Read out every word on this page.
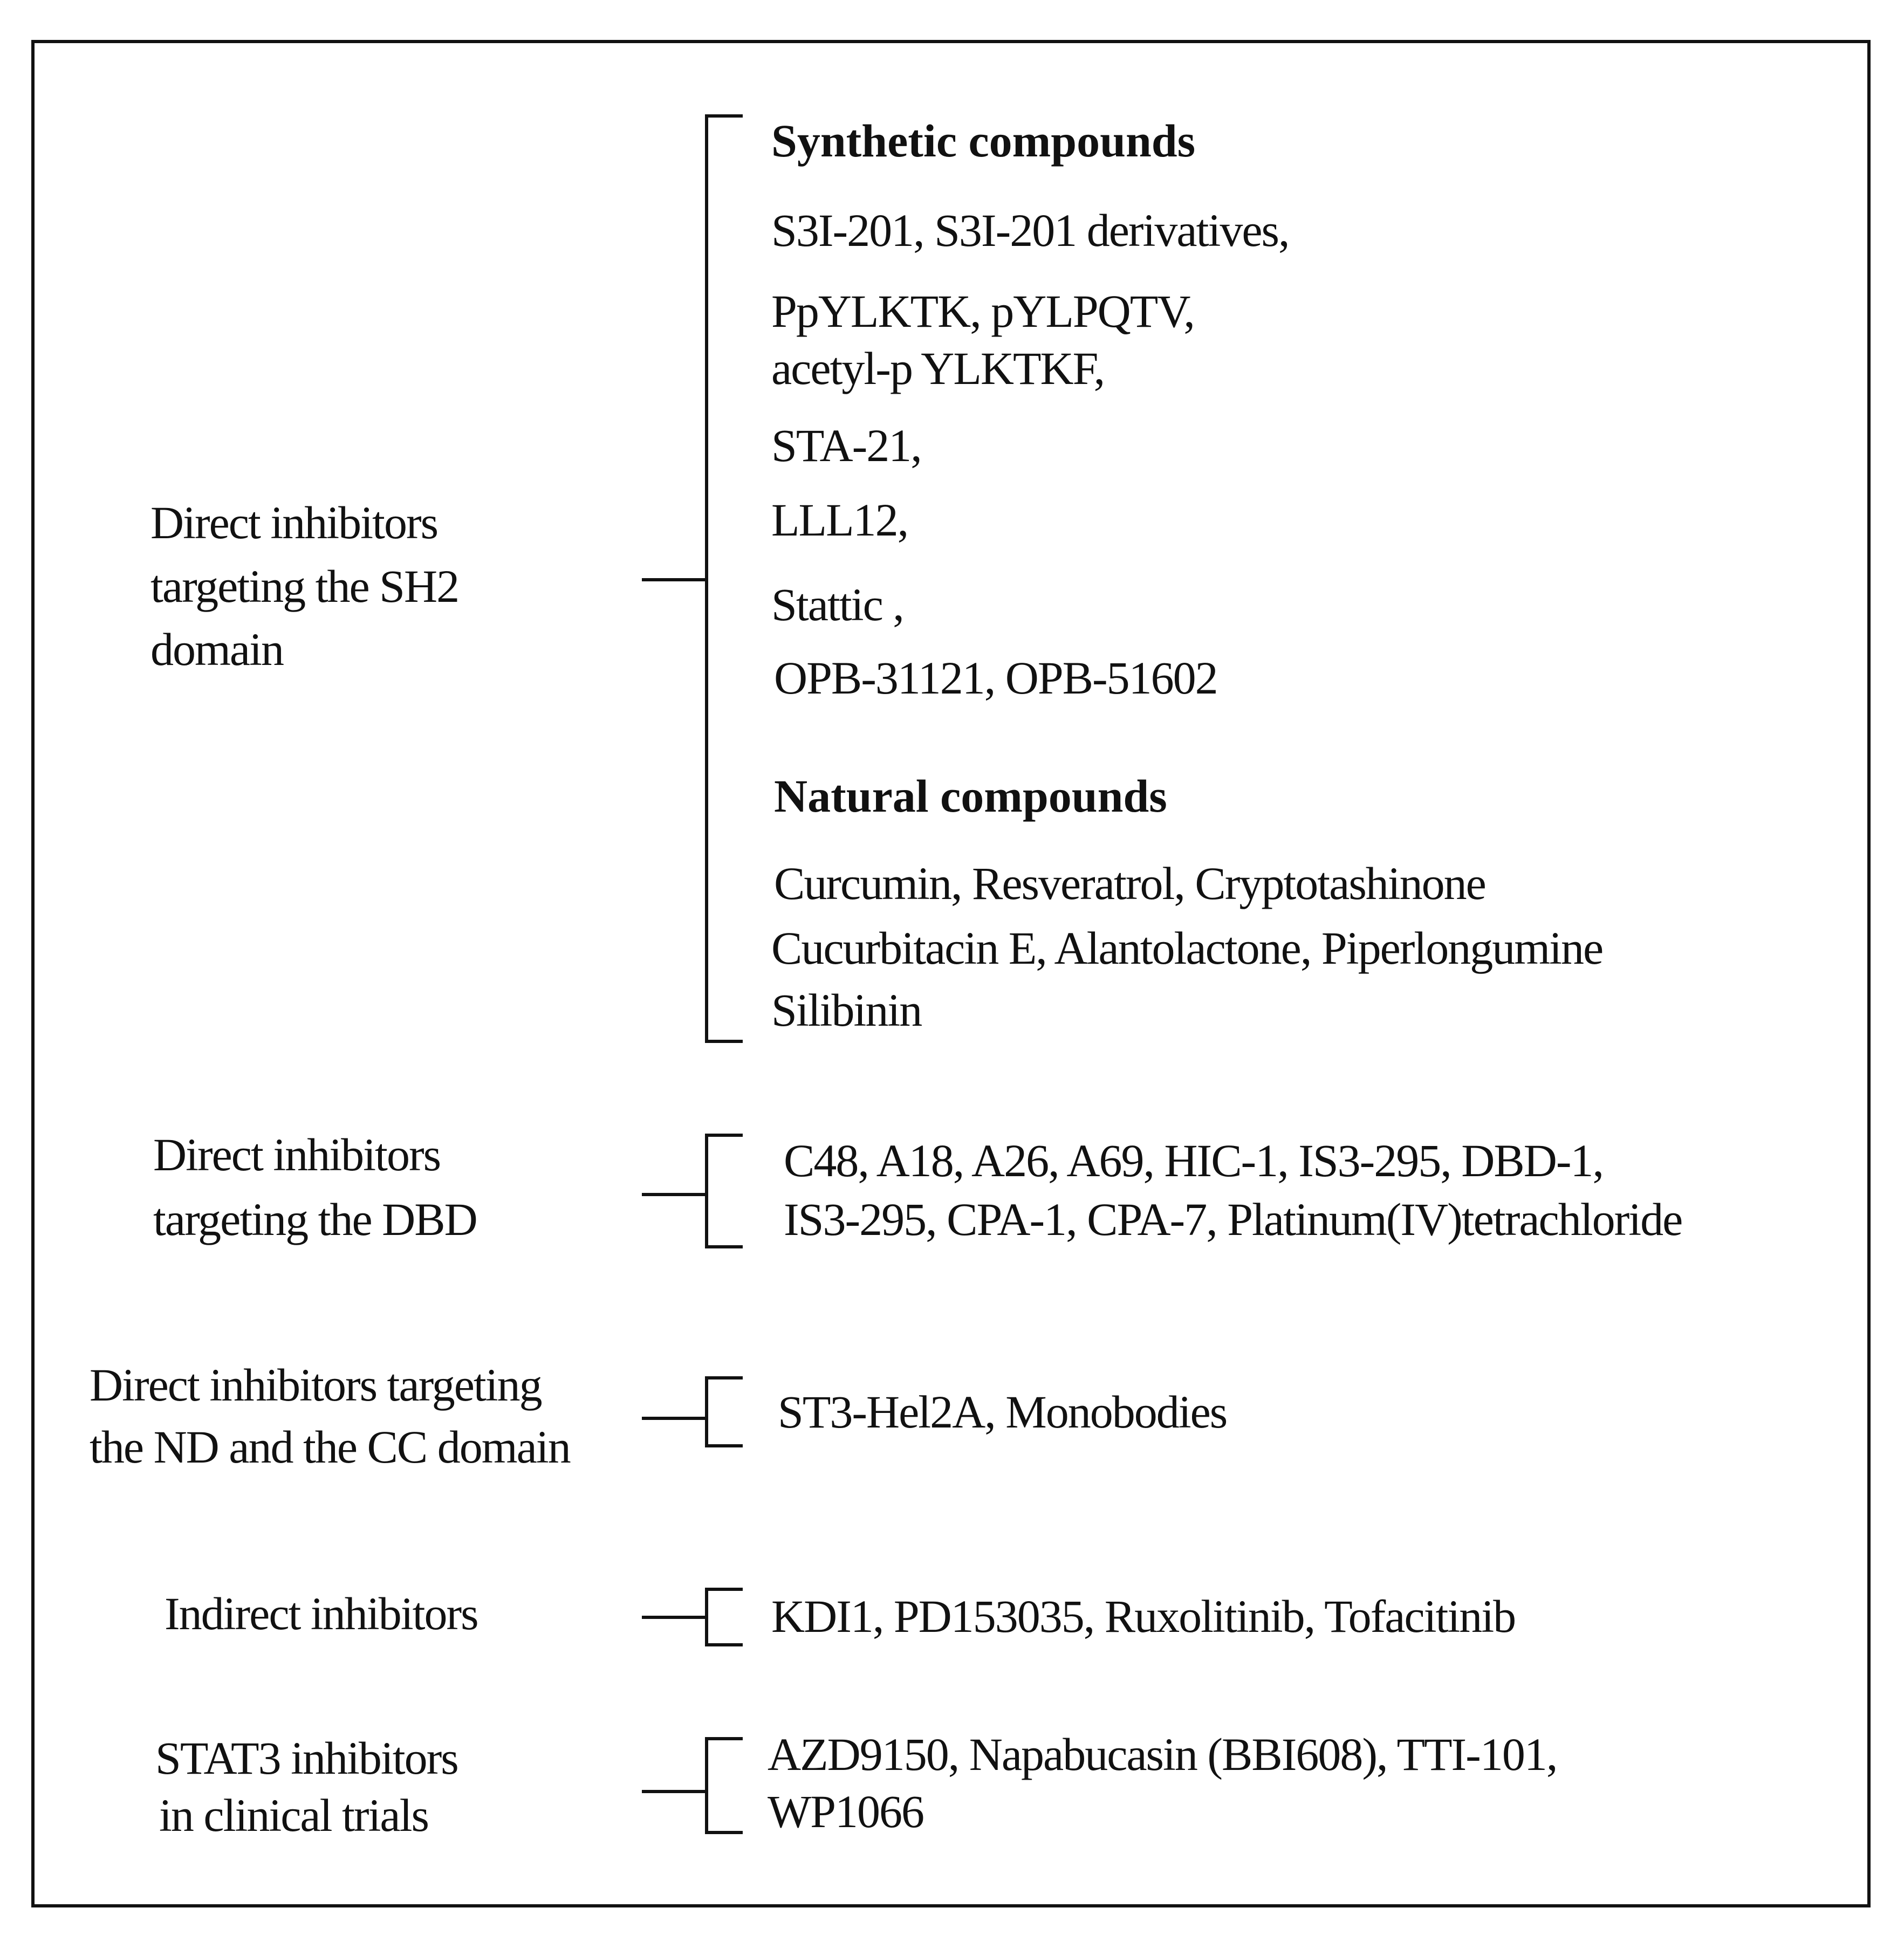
Direct inhibitors
targeting the SH2
domain
Synthetic compounds
S3I-201, S3I-201 derivatives,
PpYLKTK, pYLPQTV,
acetyl-p YLKTKF,
STA-21,
LLL12,
Stattic ,
OPB-31121, OPB-51602
Natural compounds
Curcumin, Resveratrol, Cryptotashinone
Cucurbitacin E, Alantolactone, Piperlongumine
Silibinin
Direct inhibitors
targeting the DBD
C48, A18, A26, A69, HIC-1, IS3-295, DBD-1,
IS3-295, CPA-1, CPA-7, Platinum(IV)tetrachloride
Direct inhibitors targeting
the ND and the CC domain
ST3-Hel2A, Monobodies
Indirect inhibitors	KDI1, PD153035, Ruxolitinib, Tofacitinib
STAT3 inhibitors
in clinical trials
AZD9150, Napabucasin (BBI608), TTI-101,
WP1066
